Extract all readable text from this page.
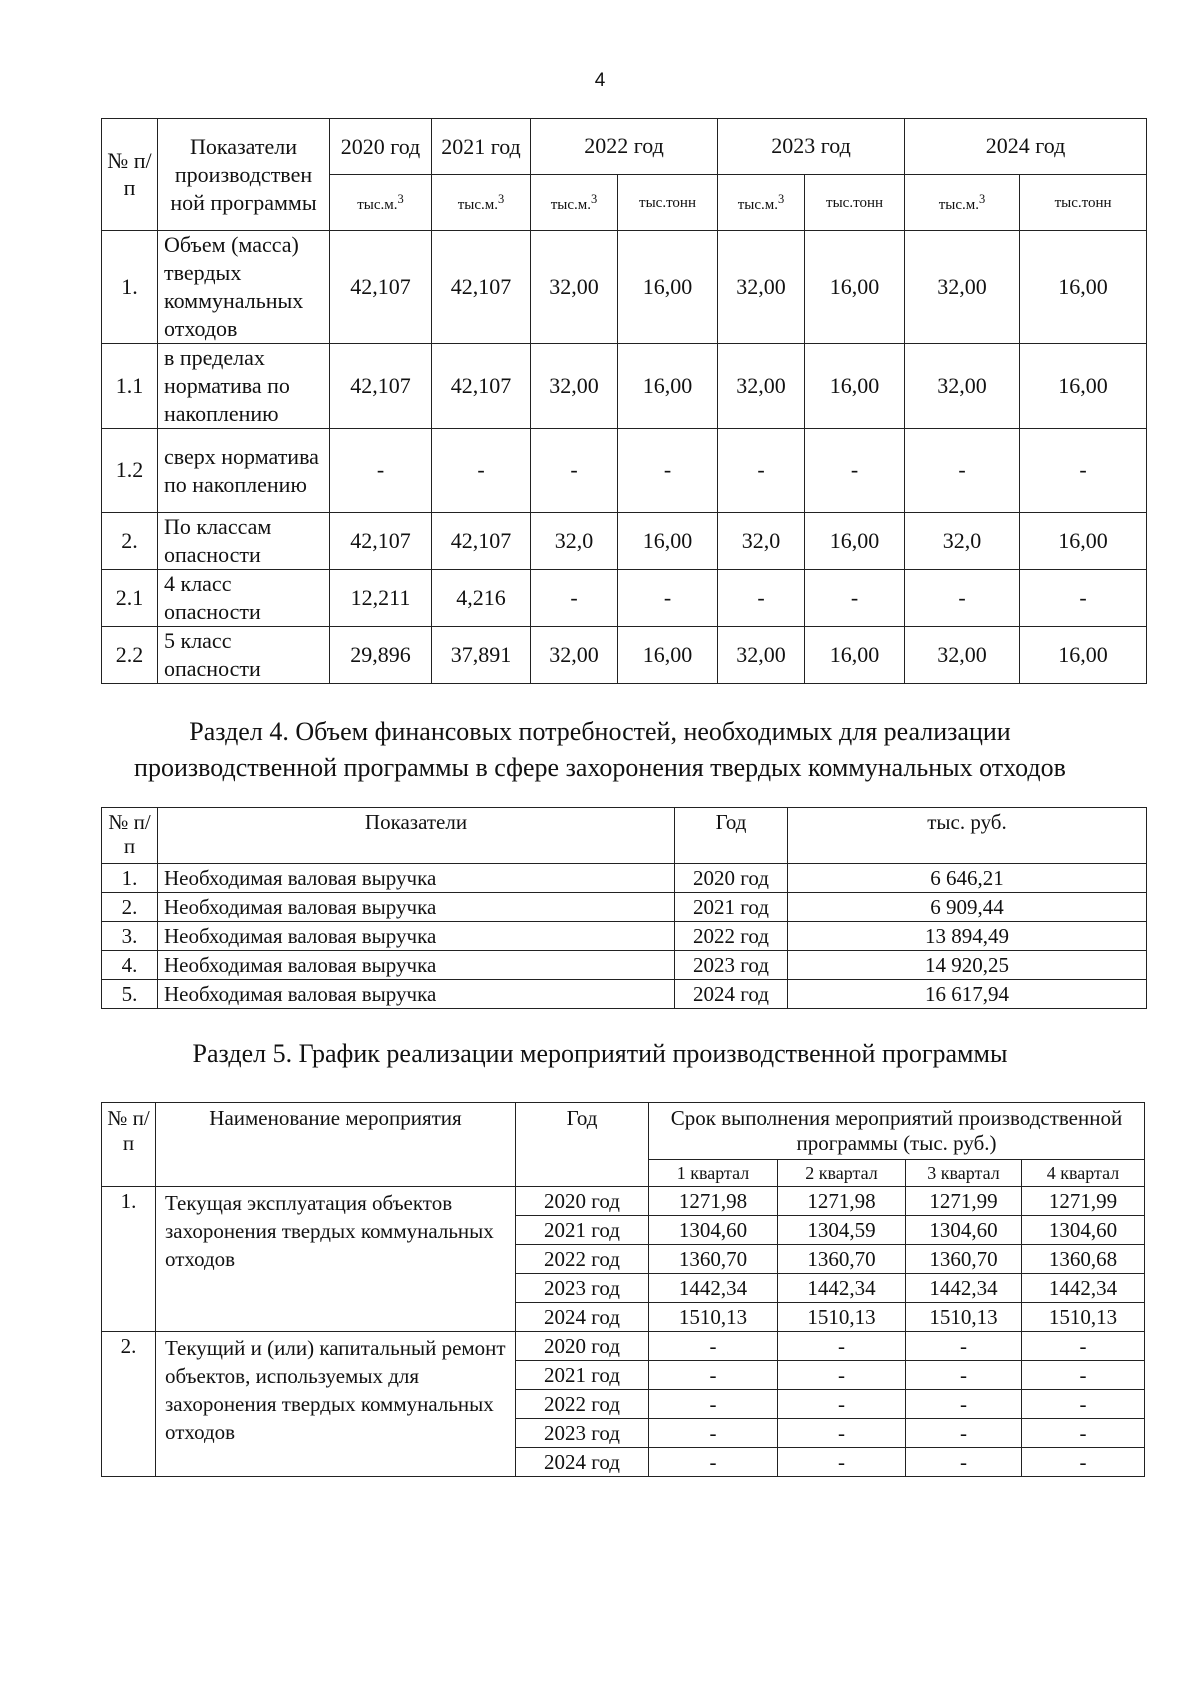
4
№ п/п	Показатели производствен ной программы	2020 год	2021 год	2022 год		2023 год		2024 год	
		тыс.м.$^3$	тыс.м.$^3$	тыс.м.$^3$	тыс.тонн	тыс.м.$^3$	тыс.тонн	тыс.м.$^3$	тыс.тонн
1.	Объем (масса) твердых коммунальных отходов	42,107	42,107	32,00	16,00	32,00	16,00	32,00	16,00
1.1	в пределах норматива по накоплению	42,107	42,107	32,00	16,00	32,00	16,00	32,00	16,00
1.2	сверх норматива по накоплению	-	-	-	-	-	-	-	-
2.	По классам опасности	42,107	42,107	32,0	16,00	32,0	16,00	32,0	16,00
2.1	4 класс опасности	12,211	4,216	-	-	-	-	-	-
2.2	5 класс опасности	29,896	37,891	32,00	16,00	32,00	16,00	32,00	16,00
Раздел 4. Объем финансовых потребностей, необходимых для реализации
производственной программы в сфере захоронения твердых коммунальных отходов
№ п/п	Показатели	Год	тыс. руб.
1.	Необходимая валовая выручка	2020 год	6 646,21
2.	Необходимая валовая выручка	2021 год	6 909,44
3.	Необходимая валовая выручка	2022 год	13 894,49
4.	Необходимая валовая выручка	2023 год	14 920,25
5.	Необходимая валовая выручка	2024 год	16 617,94
Раздел 5. График реализации мероприятий производственной программы
№ п/ п	Наименование мероприятия	Год	Срок выполнения мероприятий производственной программы (тыс. руб.)			
			1 квартал	2 квартал	3 квартал	4 квартал
1.	Текущая эксплуатация объектов захоронения твердых коммунальных отходов	2020 год	1271,98	1271,98	1271,99	1271,99
		2021 год	1304,60	1304,59	1304,60	1304,60
		2022 год	1360,70	1360,70	1360,70	1360,68
		2023 год	1442,34	1442,34	1442,34	1442,34
		2024 год	1510,13	1510,13	1510,13	1510,13
2.	Текущий и (или) капитальный ремонт объектов, используемых для захоронения твердых коммунальных отходов	2020 год	-	-	-	-
		2021 год	-	-	-	-
		2022 год	-	-	-	-
		2023 год	-	-	-	-
		2024 год	-	-	-	-
